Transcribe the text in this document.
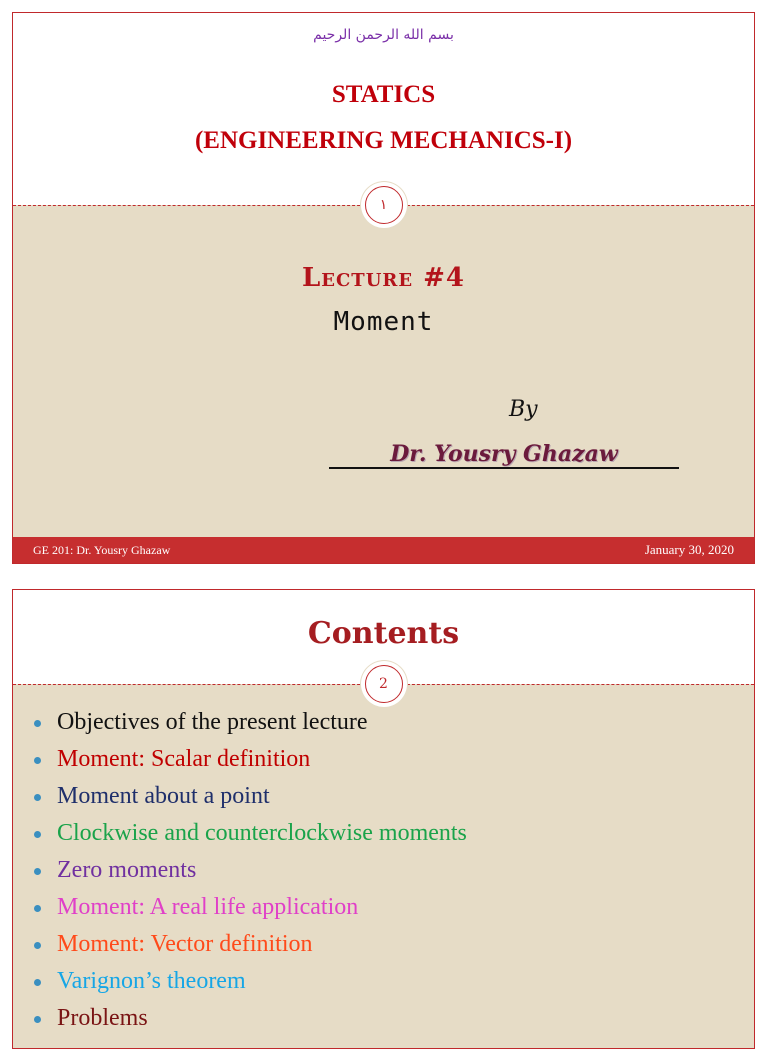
بسم الله الرحمن الرحيم
STATICS
(ENGINEERING MECHANICS-I)
١
Lecture #4
Moment
By
Dr. Yousry Ghazaw
GE 201: Dr. Yousry Ghazaw	January 30, 2020
Contents
2
Objectives of the present lecture
Moment: Scalar definition
Moment about a point
Clockwise and counterclockwise moments
Zero moments
Moment: A real life application
Moment: Vector definition
Varignon’s theorem
Problems
